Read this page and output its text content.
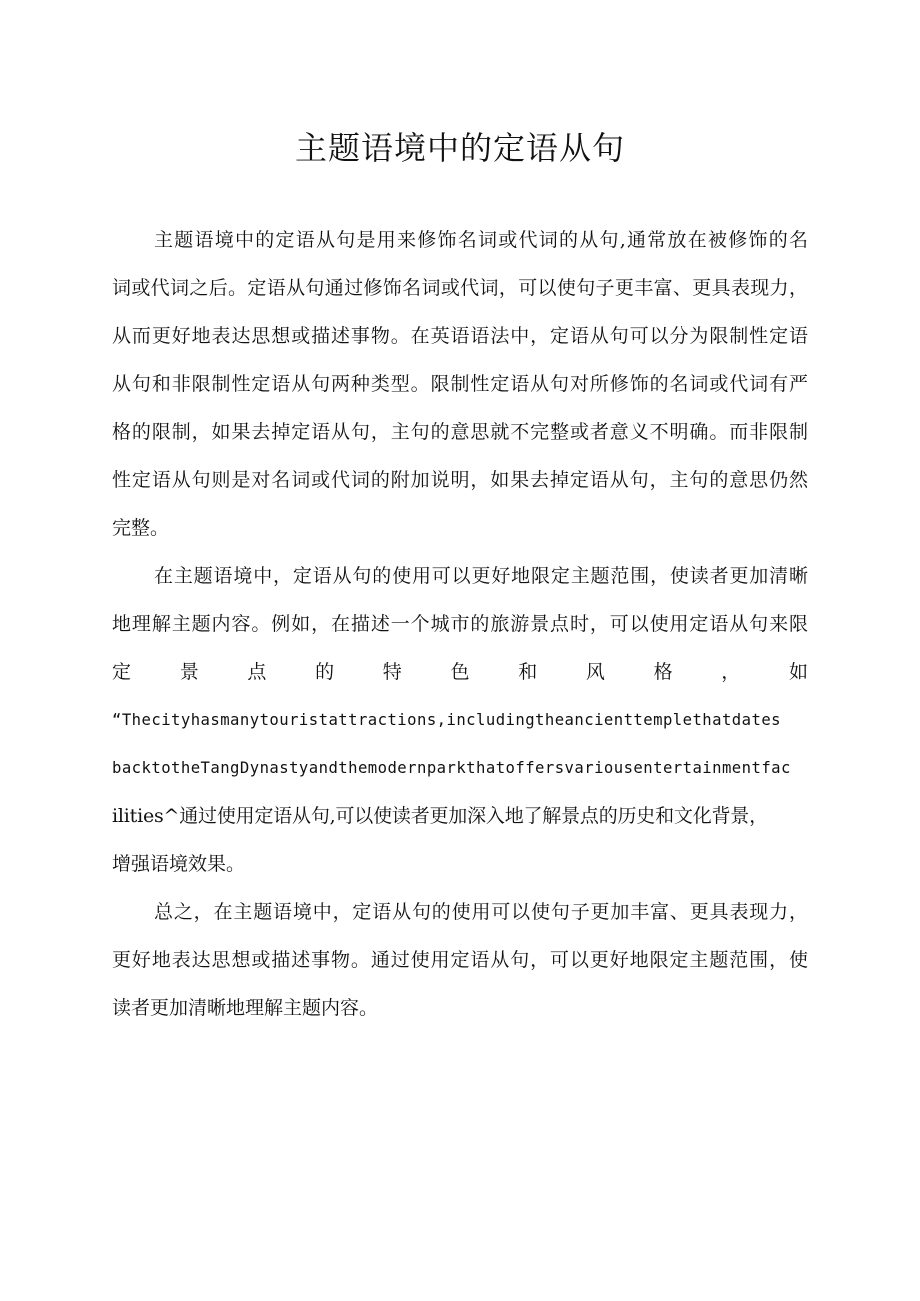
主题语境中的定语从句

主题语境中的定语从句是用来修饰名词或代词的从句,通常放在被修饰的名

词或代词之后。定语从句通过修饰名词或代词，可以使句子更丰富、更具表现力，

从而更好地表达思想或描述事物。在英语语法中，定语从句可以分为限制性定语

从句和非限制性定语从句两种类型。限制性定语从句对所修饰的名词或代词有严

格的限制，如果去掉定语从句，主句的意思就不完整或者意义不明确。而非限制

性定语从句则是对名词或代词的附加说明，如果去掉定语从句，主句的意思仍然

完整。

在主题语境中，定语从句的使用可以更好地限定主题范围，使读者更加清晰

地理解主题内容。例如，在描述一个城市的旅游景点时，可以使用定语从句来限

定景点的特色和风格，如

“Thecityhasmanytouristattractions,includingtheancienttemplethatdates

backtotheTangDynastyandthemodernparkthatoffersvariousentertainmentfac

ilities^通过使用定语从句,可以使读者更加深入地了解景点的历史和文化背景，

增强语境效果。

总之，在主题语境中，定语从句的使用可以使句子更加丰富、更具表现力，

更好地表达思想或描述事物。通过使用定语从句，可以更好地限定主题范围，使

读者更加清晰地理解主题内容。
